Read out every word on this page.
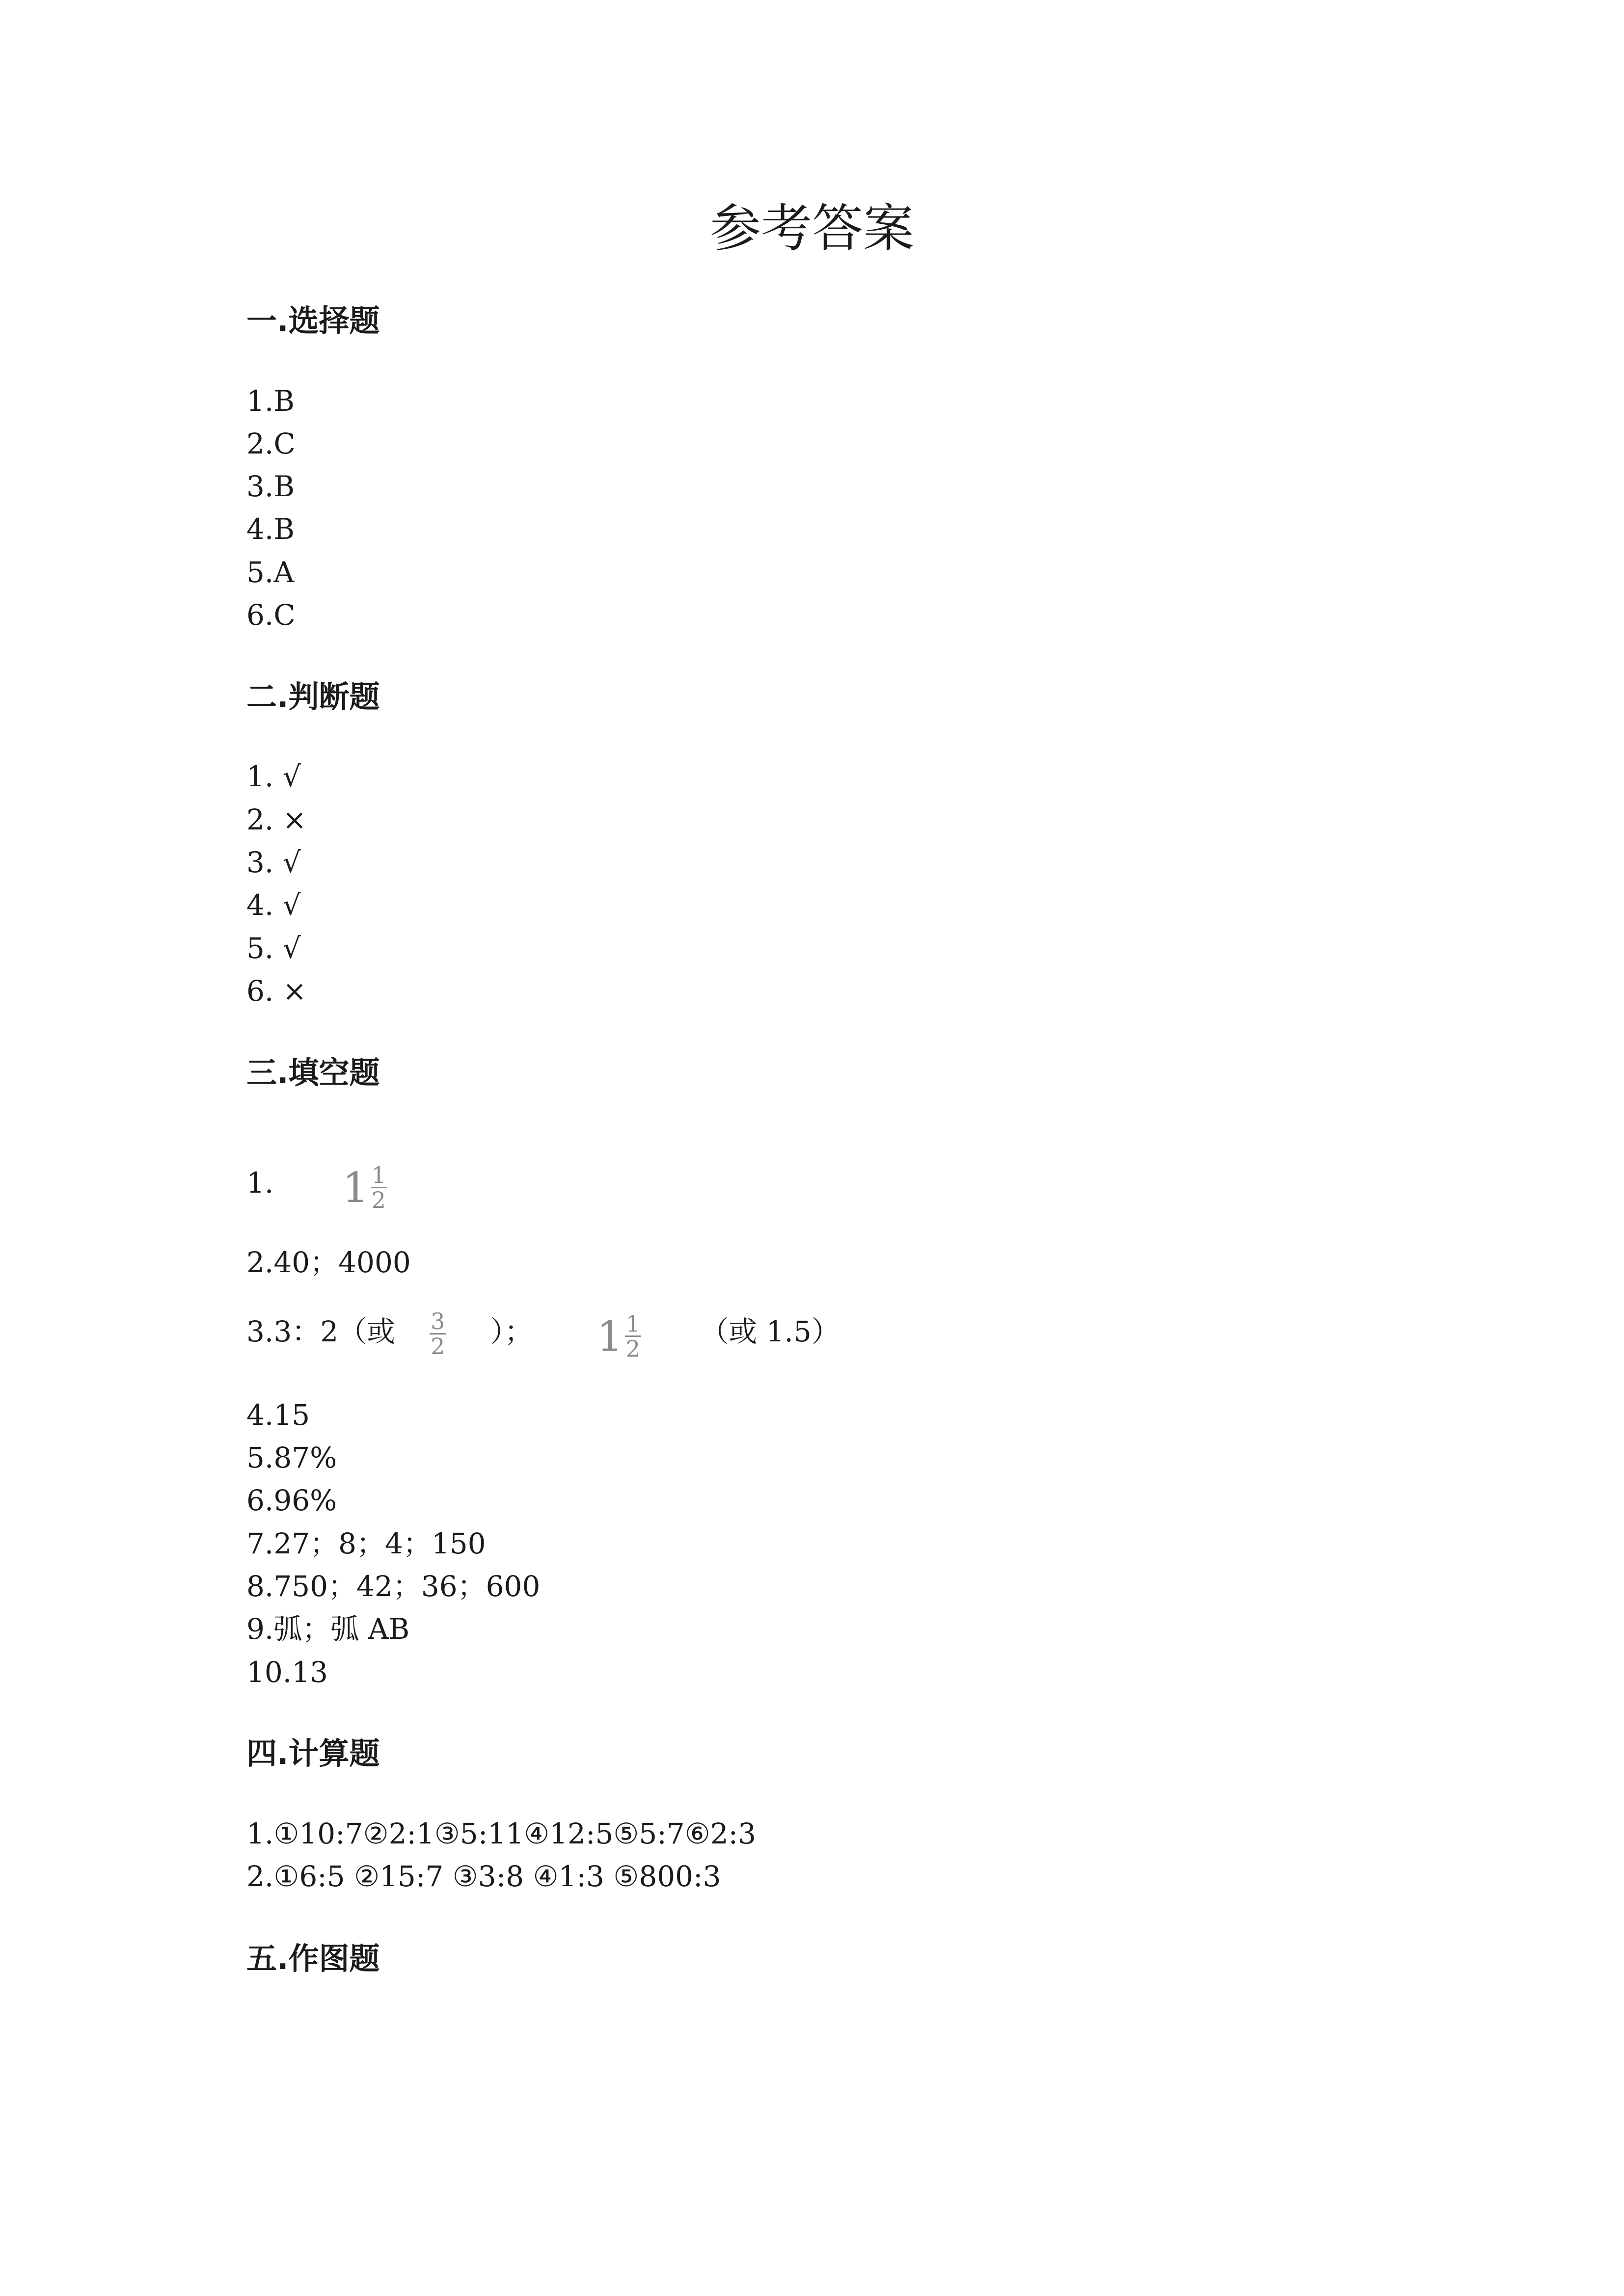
参考答案
一.选择题
1.B
2.C
3.B
4.B
5.A
6.C
二.判断题
1. √
2. ×
3. √
4. √
5. √
6. ×
三.填空题
1. $1 \frac{1}{2}$
2.40；4000
3.3：2（或 $\frac{3}{2}$ ）； $1 \frac{1}{2}$ （或 1.5）
4.15
5.87%
6.96%
7.27；8；4；150
8.750；42；36；600
9.弧；弧 AB
10.13
四.计算题
1.①10:7②2:1③5:11④12:5⑤5:7⑥2:3
2.①6:5 ②15:7 ③3:8 ④1:3 ⑤800:3
五.作图题
